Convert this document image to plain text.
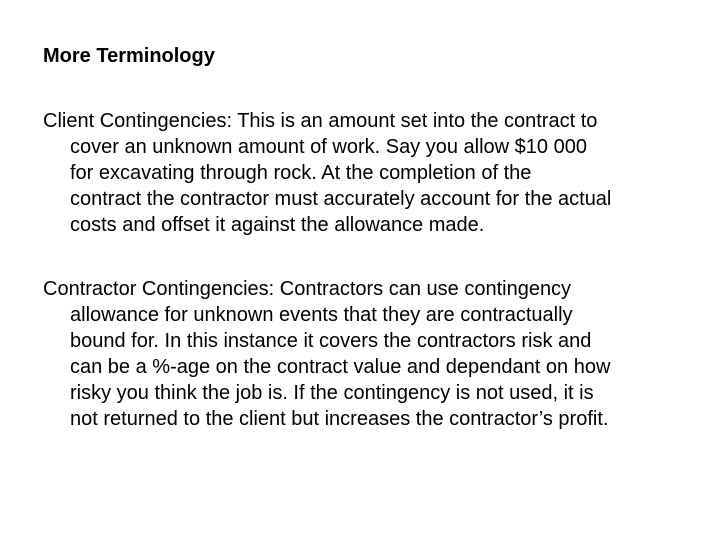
More Terminology
Client Contingencies: This is an amount set into the contract to
cover an unknown amount of work. Say you allow $10 000
for excavating through rock. At the completion of the
contract the contractor must accurately account for the actual
costs and offset it against the allowance made.
Contractor Contingencies: Contractors can use contingency
allowance for unknown events that they are contractually
bound for. In this instance it covers the contractors risk and
can be a %-age on the contract value and dependant on how
risky you think the job is. If the contingency is not used, it is
not returned to the client but increases the contractor’s profit.
